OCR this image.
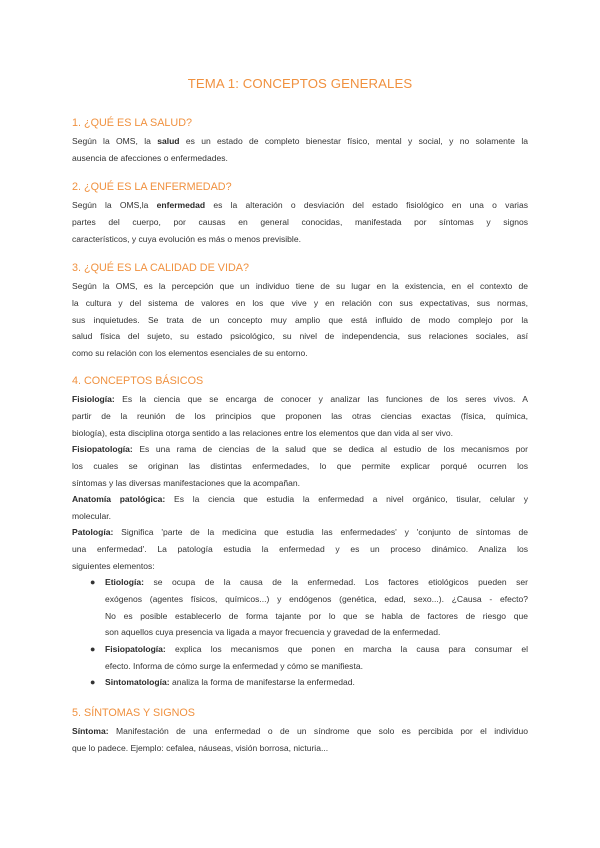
TEMA 1: CONCEPTOS GENERALES
1. ¿QUÉ ES LA SALUD?
Según la OMS, la salud es un estado de completo bienestar físico, mental y social, y no solamente la
ausencia de afecciones o enfermedades.
2. ¿QUÉ ES LA ENFERMEDAD?
Según la OMS,la enfermedad es la alteración o desviación del estado fisiológico en una o varias
partes del cuerpo, por causas en general conocidas, manifestada por síntomas y signos
característicos, y cuya evolución es más o menos previsible.
3. ¿QUÉ ES LA CALIDAD DE VIDA?
Según la OMS, es la percepción que un individuo tiene de su lugar en la existencia, en el contexto de
la cultura y del sistema de valores en los que vive y en relación con sus expectativas, sus normas,
sus inquietudes. Se trata de un concepto muy amplio que está influido de modo complejo por la
salud física del sujeto, su estado psicológico, su nivel de independencia, sus relaciones sociales, así
como su relación con los elementos esenciales de su entorno.
4. CONCEPTOS BÁSICOS
Fisiología: Es la ciencia que se encarga de conocer y analizar las funciones de los seres vivos. A
partir de la reunión de los principios que proponen las otras ciencias exactas (física, química,
biología), esta disciplina otorga sentido a las relaciones entre los elementos que dan vida al ser vivo.
Fisiopatología: Es una rama de ciencias de la salud que se dedica al estudio de los mecanismos por
los cuales se originan las distintas enfermedades, lo que permite explicar porqué ocurren los
síntomas y las diversas manifestaciones que la acompañan.
Anatomía patológica: Es la ciencia que estudia la enfermedad a nivel orgánico, tisular, celular y
molecular.
Patología: Significa 'parte de la medicina que estudia las enfermedades' y 'conjunto de síntomas de
una enfermedad'. La patología estudia la enfermedad y es un proceso dinámico. Analiza los
siguientes elementos:
● Etiología: se ocupa de la causa de la enfermedad. Los factores etiológicos pueden ser
exógenos (agentes físicos, químicos...) y endógenos (genética, edad, sexo...). ¿Causa - efecto?
No es posible establecerlo de forma tajante por lo que se habla de factores de riesgo que
son aquellos cuya presencia va ligada a mayor frecuencia y gravedad de la enfermedad.
● Fisiopatología: explica los mecanismos que ponen en marcha la causa para consumar el
efecto. Informa de cómo surge la enfermedad y cómo se manifiesta.
● Sintomatología: analiza la forma de manifestarse la enfermedad.
5. SÍNTOMAS Y SIGNOS
Síntoma: Manifestación de una enfermedad o de un síndrome que solo es percibida por el individuo
que lo padece. Ejemplo: cefalea, náuseas, visión borrosa, nicturia...
